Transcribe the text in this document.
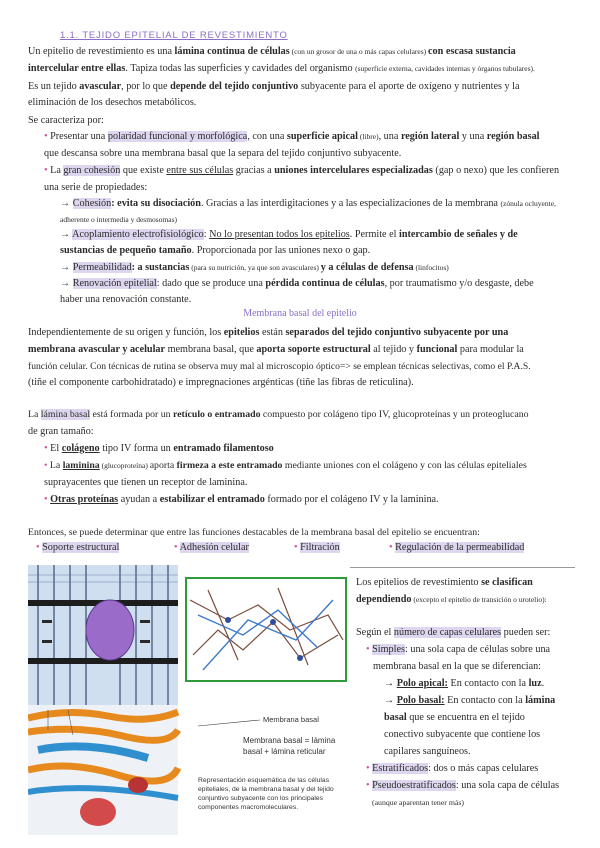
1.1. TEJIDO EPITELIAL DE REVESTIMIENTO
Un epitelio de revestimiento es una lámina continua de células (con un grosor de una o más capas celulares) con escasa sustancia
intercelular entre ellas. Tapiza todas las superficies y cavidades del organismo (superficie externa, cavidades internas y órganos tubulares).
Es un tejido avascular, por lo que depende del tejido conjuntivo subyacente para el aporte de oxígeno y nutrientes y la
eliminación de los desechos metabólicos.
Se caracteriza por:
• Presentar una polaridad funcional y morfológica, con una superficie apical (libre), una región lateral y una región basal
que descansa sobre una membrana basal que la separa del tejido conjuntivo subyacente.
• La gran cohesión que existe entre sus células gracias a uniones intercelulares especializadas (gap o nexo) que les confieren
una serie de propiedades:
→ Cohesión: evita su disociación. Gracias a las interdigitaciones y a las especializaciones de la membrana (zónula ocluyente,
adherente o intermedia y desmosomas)
→ Acoplamiento electrofisiológico: No lo presentan todos los epitelios. Permite el intercambio de señales y de
sustancias de pequeño tamaño. Proporcionada por las uniones nexo o gap.
→ Permeabilidad: a sustancias (para su nutrición, ya que son avasculares) y a células de defensa (linfocitos)
→ Renovación epitelial: dado que se produce una pérdida continua de células, por traumatismo y/o desgaste, debe
haber una renovación constante.
Membrana basal del epitelio
Independientemente de su origen y función, los epitelios están separados del tejido conjuntivo subyacente por una
membrana avascular y acelular membrana basal, que aporta soporte estructural al tejido y funcional para modular la
función celular. Con técnicas de rutina se observa muy mal al microscopio óptico=> se emplean técnicas selectivas, como el P.A.S.
(tiñe el componente carbohidratado) e impregnaciones argénticas (tiñe las fibras de reticulina).
La lámina basal está formada por un retículo o entramado compuesto por colágeno tipo IV, glucoproteínas y un proteoglucano
de gran tamaño:
• El colágeno tipo IV forma un entramado filamentoso
• La laminina (glucoproteína) aporta firmeza a este entramado mediante uniones con el colágeno y con las células epiteliales
suprayacentes que tienen un receptor de laminina.
• Otras proteínas ayudan a estabilizar el entramado formado por el colágeno IV y la laminina.
Entonces, se puede determinar que entre las funciones destacables de la membrana basal del epitelio se encuentran:
• Soporte estructural	• Adhesión celular	• Filtración	• Regulación de la permeabilidad
Membrana basal
Membrana basal = lámina
basal + lámina reticular
Representación esquemática de las células
epiteliales, de la membrana basal y del tejido
conjuntivo subyacente con los principales
componentes macromoleculares.
Los epitelios de revestimiento se clasifican
dependiendo (excepto el epitelio de transición o urotelio):
Según el número de capas celulares pueden ser:
• Simples: una sola capa de células sobre una
membrana basal en la que se diferencian:
→ Polo apical: En contacto con la luz.
→ Polo basal: En contacto con la lámina
basal que se encuentra en el tejido
conectivo subyacente que contiene los
capilares sanguíneos.
• Estratificados: dos o más capas celulares
• Pseudoestratificados: una sola capa de células
(aunque aparentan tener más)
